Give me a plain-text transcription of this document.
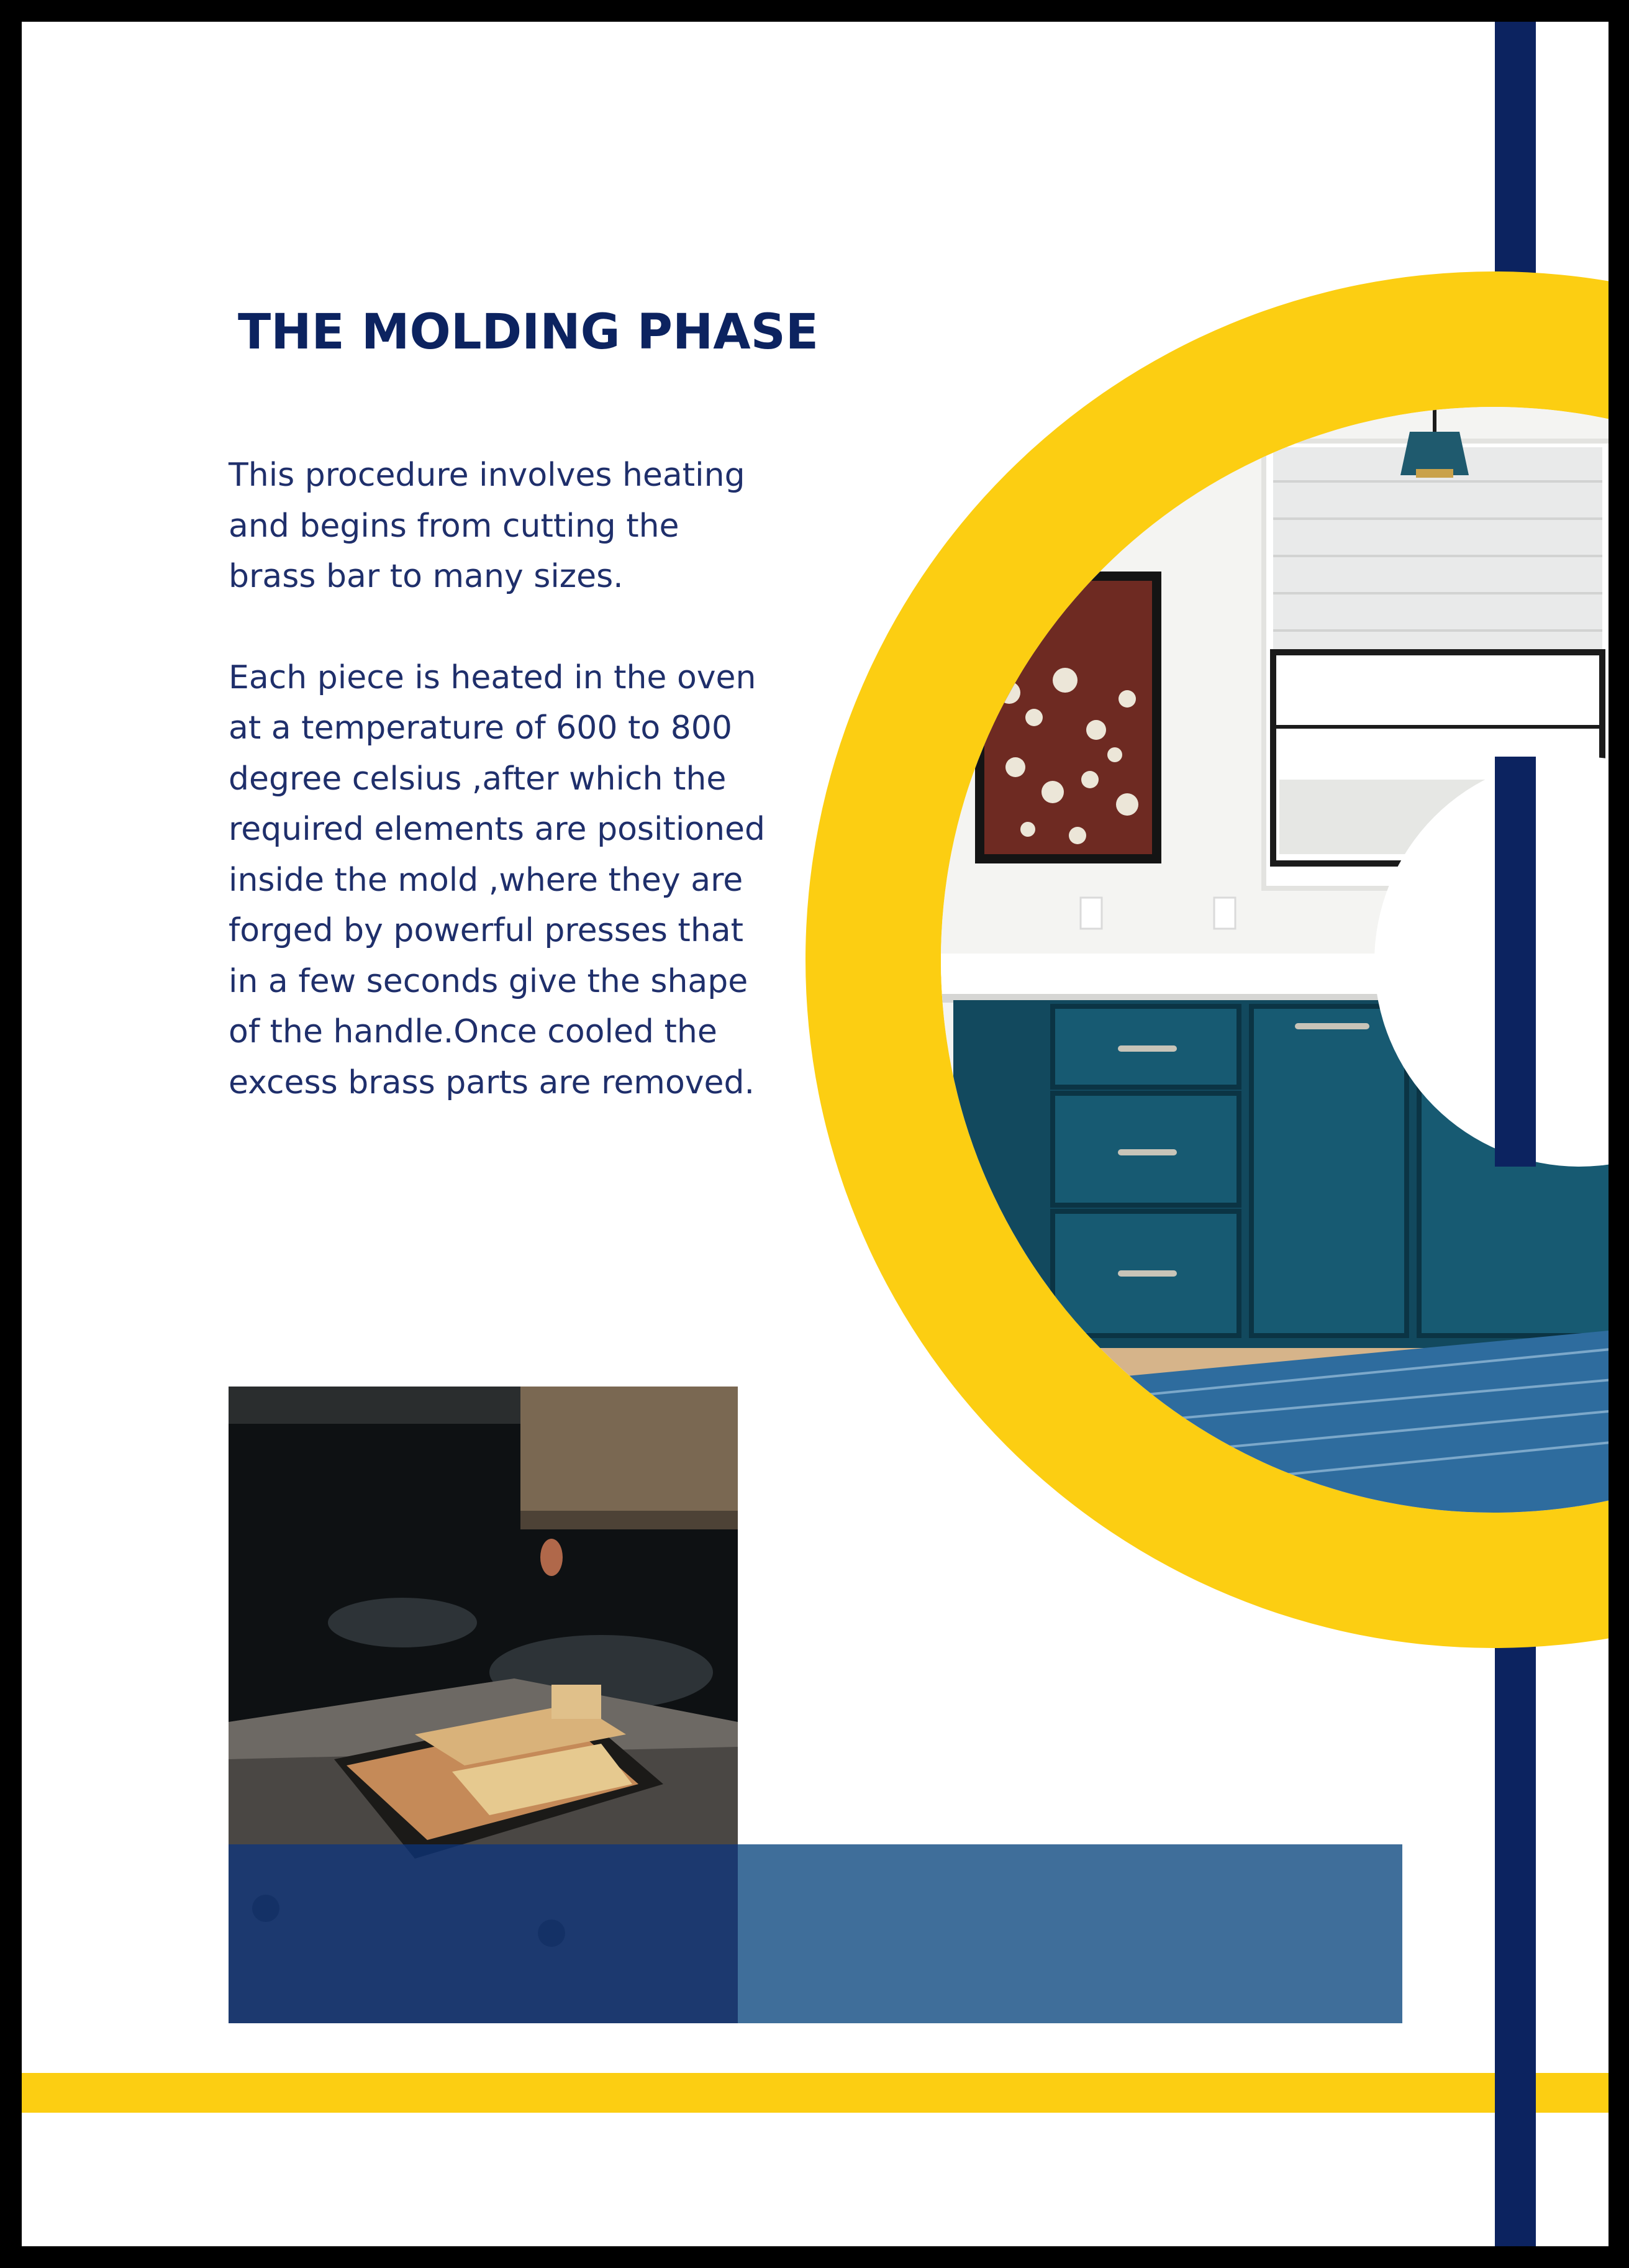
THE MOLDING PHASE

This procedure involves heating and begins from cutting the brass bar to many sizes.

Each piece is heated in the oven at a temperature of 600 to 800 degree celsius ,after which the required elements are positioned inside the mold ,where they are forged by powerful presses that in a few seconds give the shape of the handle.Once cooled the excess brass parts are removed.
